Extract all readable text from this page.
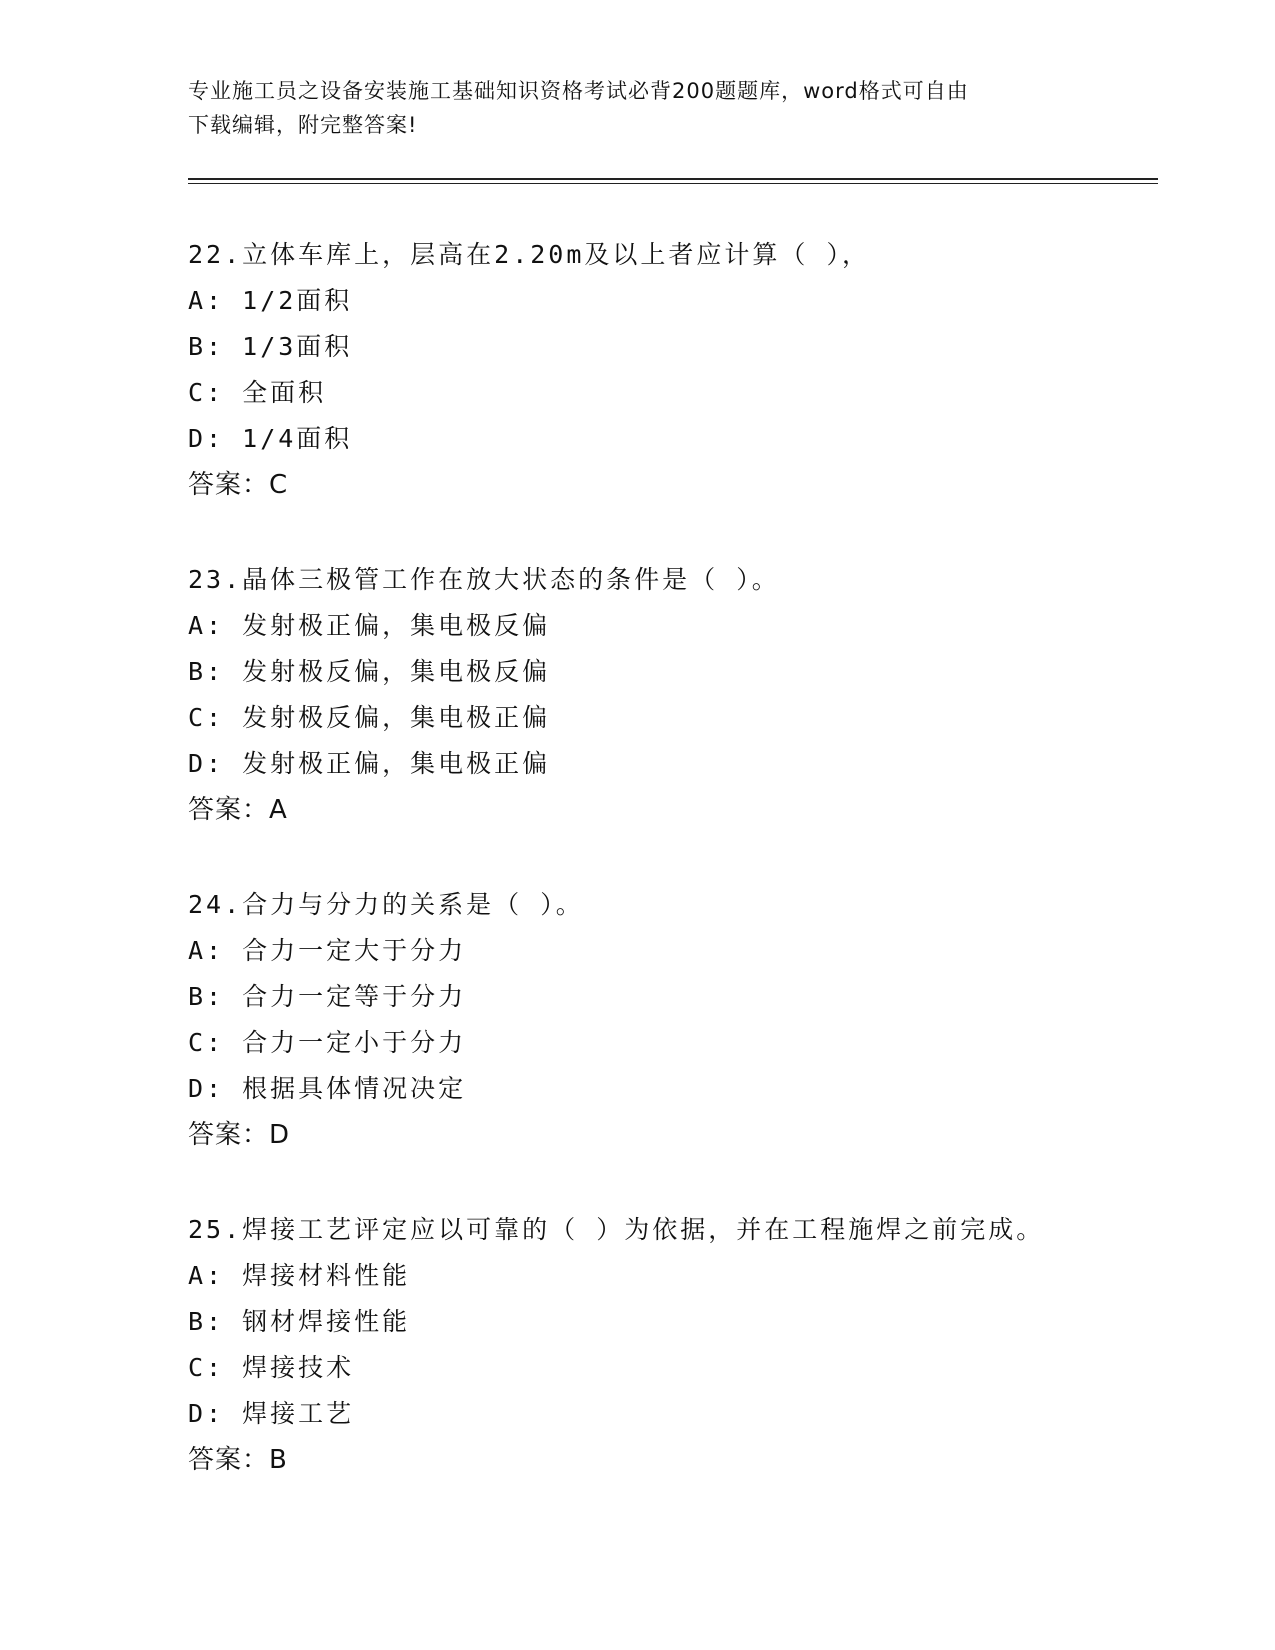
专业施工员之设备安装施工基础知识资格考试必背200题题库，word格式可自由
下载编辑，附完整答案!
22.立体车库上，层高在2.20m及以上者应计算（ ），
A: 1/2面积
B: 1/3面积
C: 全面积
D: 1/4面积
答案：C
23.晶体三极管工作在放大状态的条件是（ ）。
A: 发射极正偏，集电极反偏
B: 发射极反偏，集电极反偏
C: 发射极反偏，集电极正偏
D: 发射极正偏，集电极正偏
答案：A
24.合力与分力的关系是（ ）。
A: 合力一定大于分力
B: 合力一定等于分力
C: 合力一定小于分力
D: 根据具体情况决定
答案：D
25.焊接工艺评定应以可靠的（ ）为依据，并在工程施焊之前完成。
A: 焊接材料性能
B: 钢材焊接性能
C: 焊接技术
D: 焊接工艺
答案：B
